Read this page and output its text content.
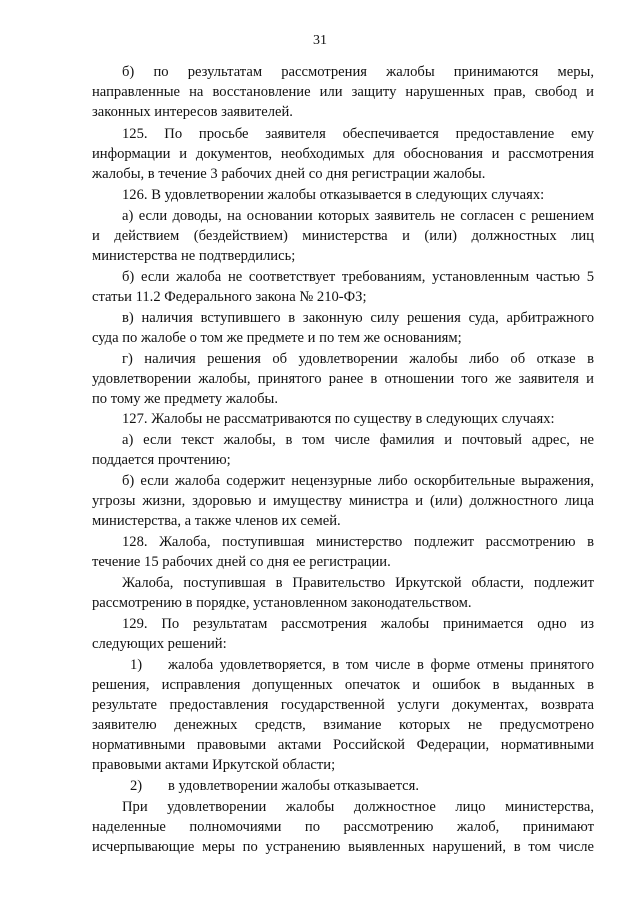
31
б) по результатам рассмотрения жалобы принимаются меры,
направленные на восстановление или защиту нарушенных прав, свобод и
законных интересов заявителей.
125. По просьбе заявителя обеспечивается предоставление ему
информации и документов, необходимых для обоснования и рассмотрения
жалобы, в течение 3 рабочих дней со дня регистрации жалобы.
126. В удовлетворении жалобы отказывается в следующих случаях:
а) если доводы, на основании которых заявитель не согласен с решением
и действием (бездействием) министерства и (или) должностных лиц
министерства не подтвердились;
б) если жалоба не соответствует требованиям, установленным частью 5
статьи 11.2 Федерального закона № 210-ФЗ;
в) наличия вступившего в законную силу решения суда, арбитражного
суда по жалобе о том же предмете и по тем же основаниям;
г) наличия решения об удовлетворении жалобы либо об отказе в
удовлетворении жалобы, принятого ранее в отношении того же заявителя и
по тому же предмету жалобы.
127. Жалобы не рассматриваются по существу в следующих случаях:
а) если текст жалобы, в том числе фамилия и почтовый адрес, не
поддается прочтению;
б) если жалоба содержит нецензурные либо оскорбительные выражения,
угрозы жизни, здоровью и имуществу министра и (или) должностного лица
министерства, а также членов их семей.
128. Жалоба, поступившая министерство подлежит рассмотрению в
течение 15 рабочих дней со дня ее регистрации.
Жалоба, поступившая в Правительство Иркутской области, подлежит
рассмотрению в порядке, установленном законодательством.
129. По результатам рассмотрения жалобы принимается одно из
следующих решений:
1) жалоба удовлетворяется, в том числе в форме отмены принятого
решения, исправления допущенных опечаток и ошибок в выданных в
результате предоставления государственной услуги документах, возврата
заявителю денежных средств, взимание которых не предусмотрено
нормативными правовыми актами Российской Федерации, нормативными
правовыми актами Иркутской области;
2) в удовлетворении жалобы отказывается.
При удовлетворении жалобы должностное лицо министерства,
наделенные полномочиями по рассмотрению жалоб, принимают
исчерпывающие меры по устранению выявленных нарушений, в том числе
